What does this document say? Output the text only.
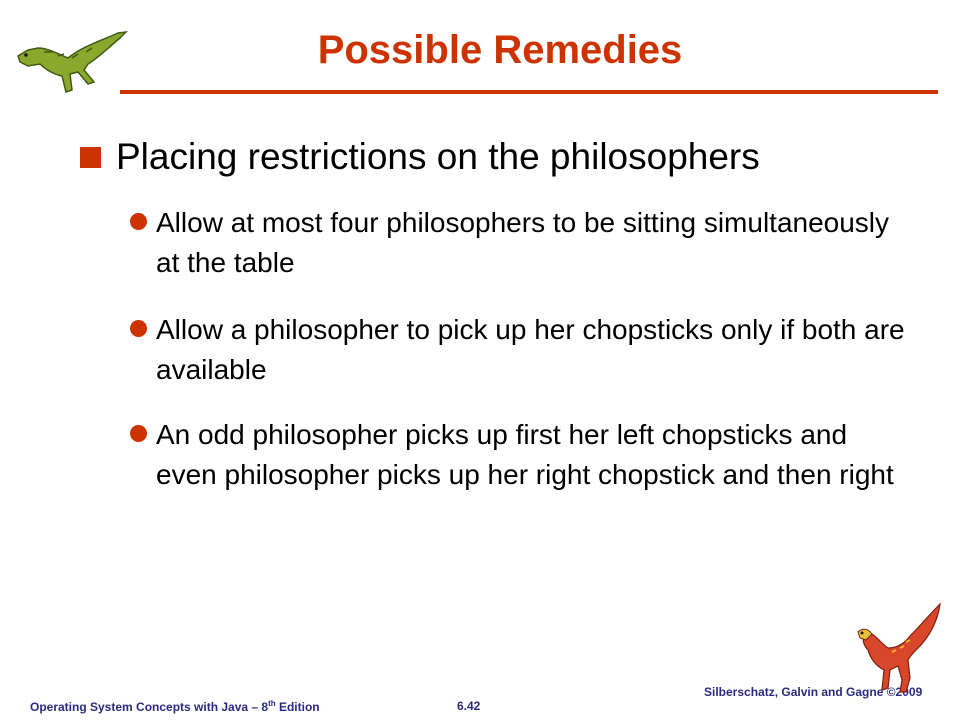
Possible Remedies
Placing restrictions on the philosophers
Allow at most four philosophers to be sitting simultaneously at the table
Allow a philosopher to pick up her chopsticks only if both are available
An odd philosopher picks up first her left chopsticks and even philosopher picks up her right chopstick and then right
Operating System Concepts with Java – 8th Edition	6.42
Silberschatz, Galvin and Gagne ©2009
